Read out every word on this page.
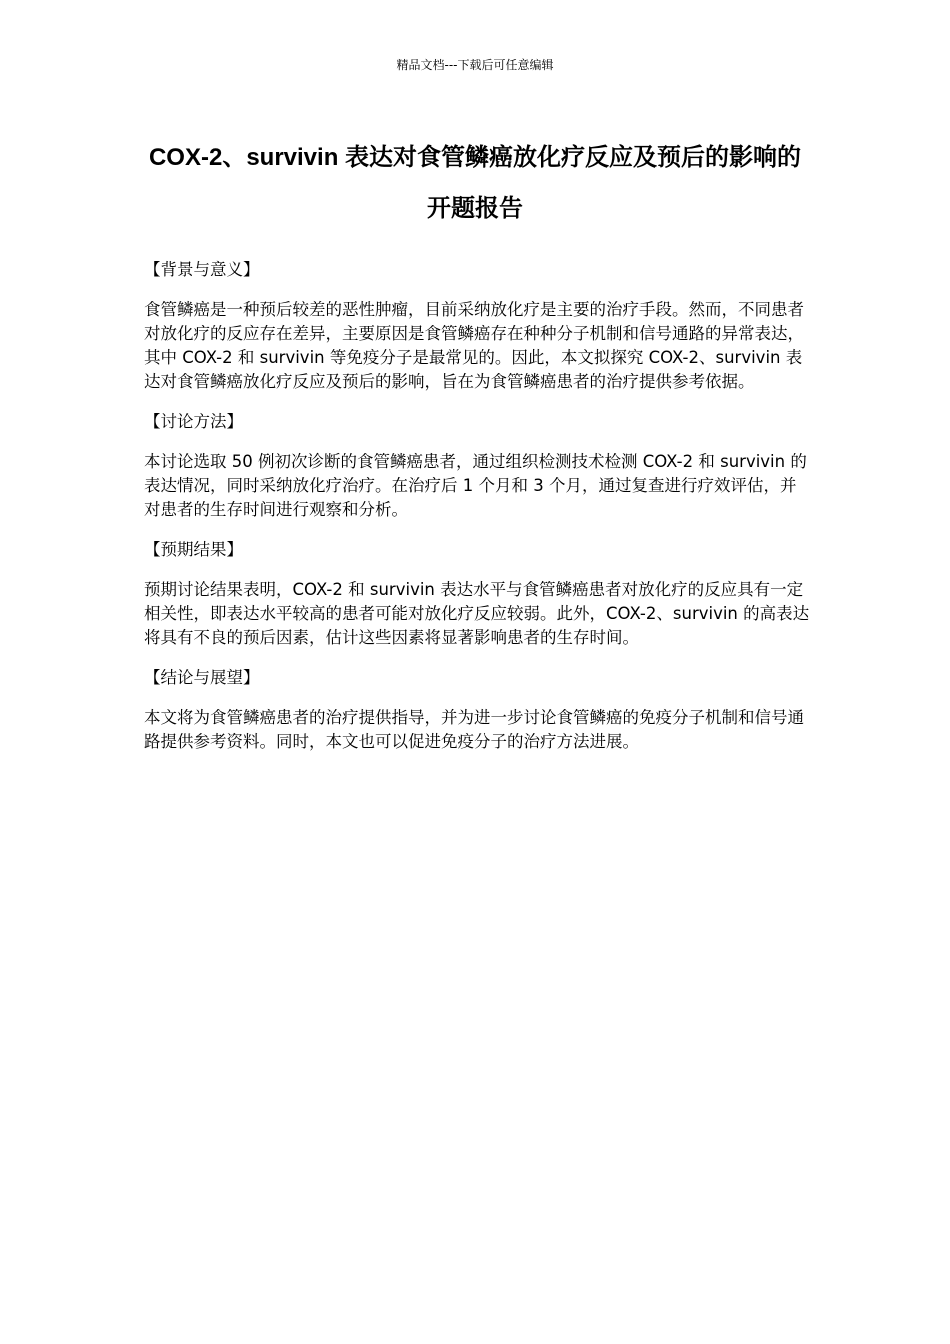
精品文档---下载后可任意编辑
COX-2、survivin 表达对食管鳞癌放化疗反应及预后的影响的开题报告
【背景与意义】
食管鳞癌是一种预后较差的恶性肿瘤，目前采纳放化疗是主要的治疗手段。然而，不同患者对放化疗的反应存在差异，主要原因是食管鳞癌存在种种分子机制和信号通路的异常表达，其中 COX-2 和 survivin 等免疫分子是最常见的。因此，本文拟探究 COX-2、survivin 表达对食管鳞癌放化疗反应及预后的影响，旨在为食管鳞癌患者的治疗提供参考依据。
【讨论方法】
本讨论选取 50 例初次诊断的食管鳞癌患者，通过组织检测技术检测 COX-2 和 survivin 的表达情况，同时采纳放化疗治疗。在治疗后 1 个月和 3 个月，通过复查进行疗效评估，并对患者的生存时间进行观察和分析。
【预期结果】
预期讨论结果表明，COX-2 和 survivin 表达水平与食管鳞癌患者对放化疗的反应具有一定相关性，即表达水平较高的患者可能对放化疗反应较弱。此外，COX-2、survivin 的高表达将具有不良的预后因素，估计这些因素将显著影响患者的生存时间。
【结论与展望】
本文将为食管鳞癌患者的治疗提供指导，并为进一步讨论食管鳞癌的免疫分子机制和信号通路提供参考资料。同时，本文也可以促进免疫分子的治疗方法进展。
